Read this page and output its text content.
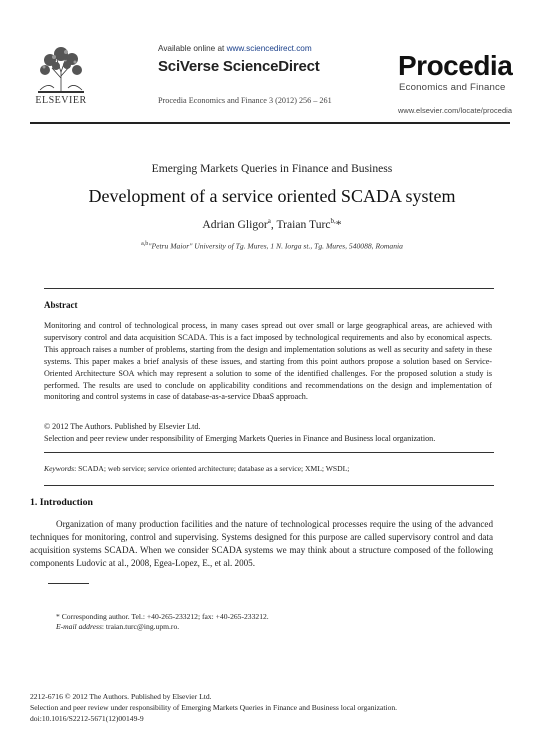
ELSEVIER
Available online at www.sciencedirect.com
SciVerse ScienceDirect
Procedia Economics and Finance 3 (2012) 256 – 261
Procedia
Economics and Finance
www.elsevier.com/locate/procedia
Emerging Markets Queries in Finance and Business
Development of a service oriented SCADA system
Adrian Gligor$^a$, Traian Turc$^{b,}$*
$^{a,b}$"Petru Maior" University of Tg. Mures, 1 N. Iorga st., Tg. Mures, 540088, Romania
Abstract
Monitoring and control of technological process, in many cases spread out over small or large geographical areas, are achieved with supervisory control and data acquisition SCADA. This is a fact imposed by technological requirements and also by economical aspects. This approach raises a number of problems, starting from the design and implementation solutions as well as security and safety in these systems. This paper makes a brief analysis of these issues, and starting from this point authors propose a solution based on Service-Oriented Architecture SOA which may represent a solution to some of the identified challenges. For the proposed solution a study is performed. The results are used to conclude on applicability conditions and recommendations on the design and implementation of monitoring and control systems in case of database-as-a-service DbaaS approach.
© 2012 The Authors. Published by Elsevier Ltd.
Selection and peer review under responsibility of Emerging Markets Queries in Finance and Business local organization.
Keywords: SCADA; web service; service oriented architecture; database as a service; XML; WSDL;
1. Introduction
Organization of many production facilities and the nature of technological processes require the using of the advanced techniques for monitoring, control and supervising. Systems designed for this purpose are called supervisory control and data acquisition systems SCADA. When we consider SCADA systems we may think about a structure composed of the following components Ludovic at al., 2008, Egea-Lopez, E., et al. 2005.
* Corresponding author. Tel.: +40-265-233212; fax: +40-265-233212.
E-mail address: traian.turc@ing.upm.ro.
2212-6716 © 2012 The Authors. Published by Elsevier Ltd.
Selection and peer review under responsibility of Emerging Markets Queries in Finance and Business local organization.
doi:10.1016/S2212-5671(12)00149-9
